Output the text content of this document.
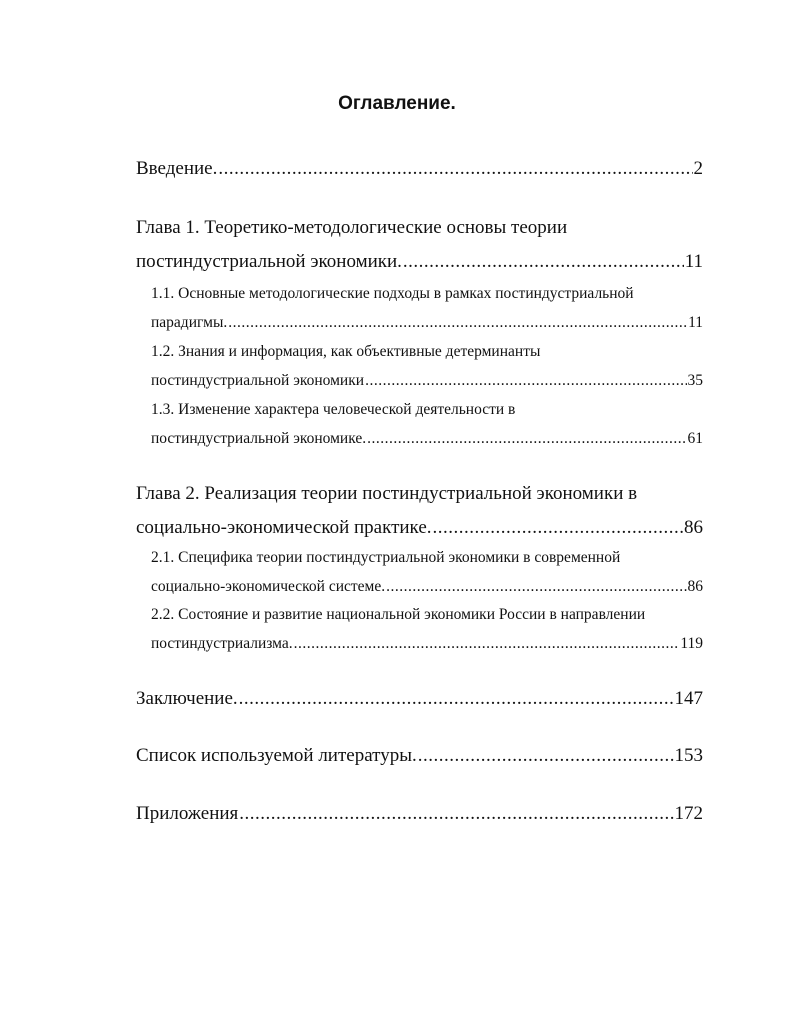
Оглавление.
Введение. .....	2
Глава 1. Теоретико-методологические основы теории
постиндустриальной экономики. .....	11
1.1. Основные методологические подходы в рамках постиндустриальной
парадигмы. .....	11
1.2. Знания и информация, как объективные детерминанты
постиндустриальной экономики .....	35
1.3. Изменение характера человеческой деятельности в
постиндустриальной экономике. .....	61
Глава 2. Реализация теории постиндустриальной экономики в
социально-экономической практике. .....	86
2.1. Специфика теории постиндустриальной экономики в современной
социально-экономической системе. .....	86
2.2. Состояние и развитие национальной экономики России в направлении
постиндустриализма. .....	119
Заключение. .....	147
Список используемой литературы. .....	153
Приложения .....	172
